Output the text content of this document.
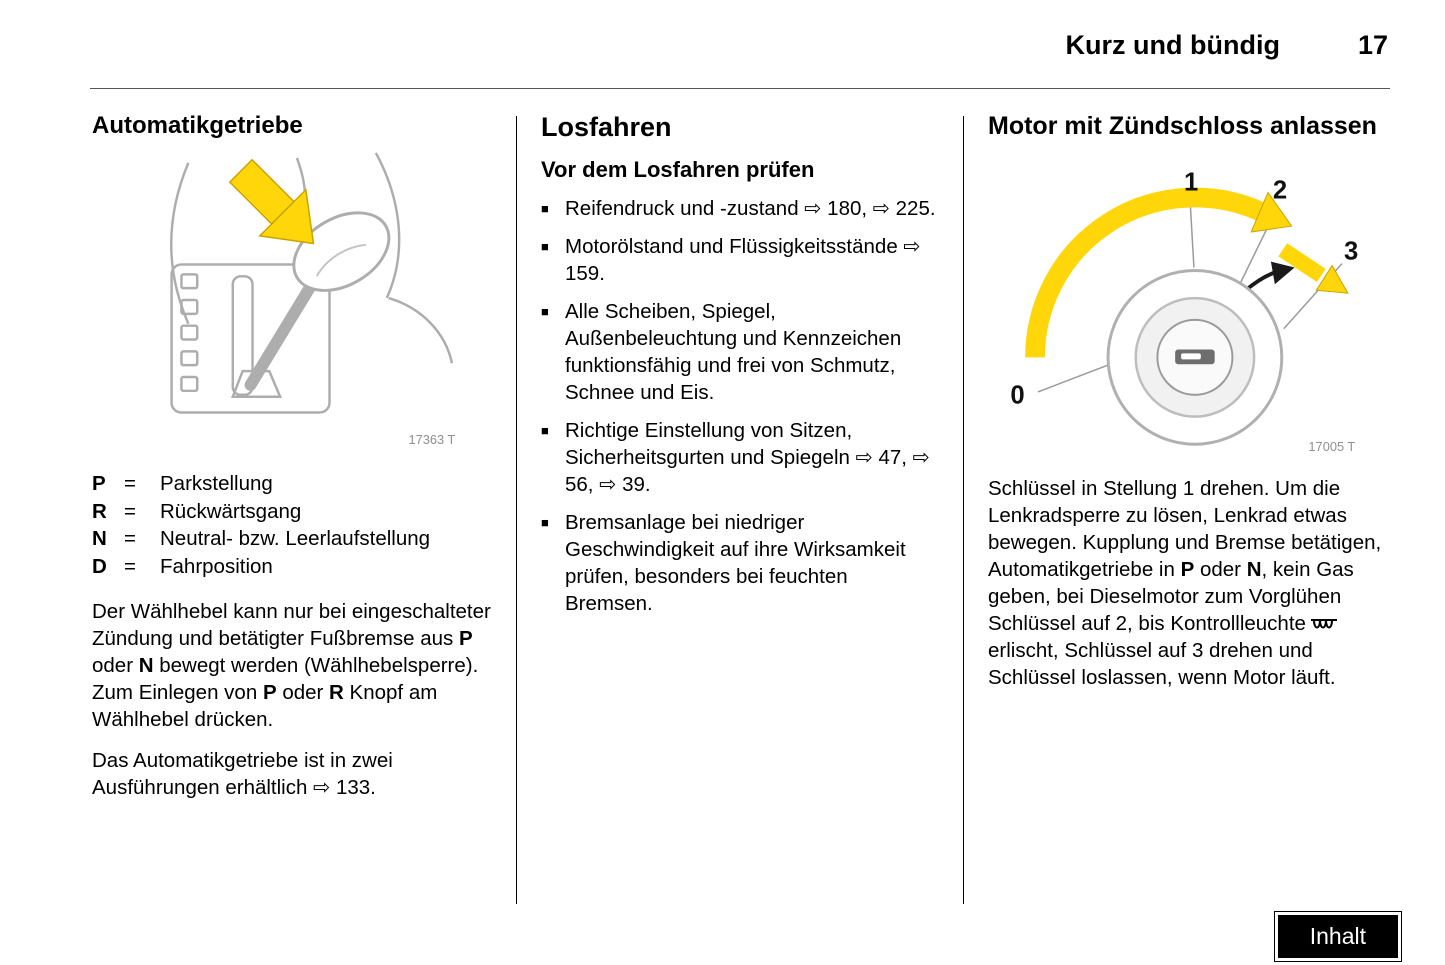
Kurz und bündig	17
Automatikgetriebe
17363 T
P =	Parkstellung
R =	Rückwärtsgang
N =	Neutral- bzw. Leerlaufstellung
D =	Fahrposition

Der Wählhebel kann nur bei eingeschalteter Zündung und betätigter Fußbremse aus P oder N bewegt werden (Wählhebelsperre). Zum Einlegen von P oder R Knopf am Wählhebel drücken.

Das Automatikgetriebe ist in zwei Ausführungen erhältlich ⇨ 133.

Losfahren
Vor dem Losfahren prüfen
■ Reifendruck und -zustand ⇨ 180, ⇨ 225.
■ Motorölstand und Flüssigkeitsstände ⇨ 159.
■ Alle Scheiben, Spiegel, Außenbeleuchtung und Kennzeichen funktionsfähig und frei von Schmutz, Schnee und Eis.
■ Richtige Einstellung von Sitzen, Sicherheitsgurten und Spiegeln ⇨ 47, ⇨ 56, ⇨ 39.
■ Bremsanlage bei niedriger Geschwindigkeit auf ihre Wirksamkeit prüfen, besonders bei feuchten Bremsen.
Motor mit Zündschloss anlassen
1	2
3
0
17005 T

Schlüssel in Stellung 1 drehen. Um die Lenkradsperre zu lösen, Lenkrad etwas bewegen. Kupplung und Bremse betätigen, Automatikgetriebe in P oder N, kein Gas geben, bei Dieselmotor zum Vorglühen Schlüssel auf 2, bis Kontrollleuchteerlischt, Schlüssel auf 3 drehen und Schlüssel loslassen, wenn Motor läuft.

Inhalt
